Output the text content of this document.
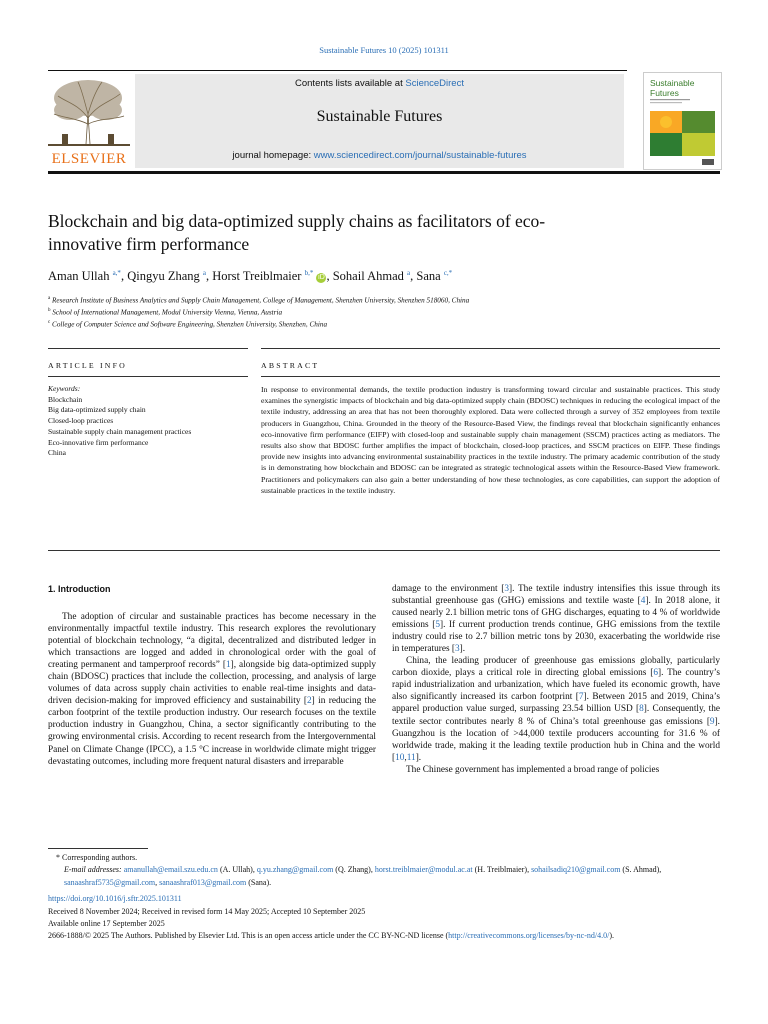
Sustainable Futures 10 (2025) 101311
ELSEVIER
Contents lists available at ScienceDirect
Sustainable Futures
journal homepage: www.sciencedirect.com/journal/sustainable-futures
Sustainable
Futures
Blockchain and big data-optimized supply chains as facilitators of eco-innovative firm performance
Aman Ullah $^{a,*}$, Qingyu Zhang $^a$, Horst Treiblmaier $^{b,*}$ iD , Sohail Ahmad $^a$, Sana $^{c,*}$
$^a$ Research Institute of Business Analytics and Supply Chain Management, College of Management, Shenzhen University, Shenzhen 518060, China
$^b$ School of International Management, Modul University Vienna, Vienna, Austria
$^c$ College of Computer Science and Software Engineering, Shenzhen University, Shenzhen, China
ARTICLE INFO	ABSTRACT
Keywords:
Blockchain
Big data-optimized supply chain
Closed-loop practices
Sustainable supply chain management practices
Eco-innovative firm performance
China
In response to environmental demands, the textile production industry is transforming toward circular and sustainable practices. This study examines the synergistic impacts of blockchain and big data-optimized supply chain (BDOSC) techniques in reducing the ecological impact of the textile industry, addressing an area that has not been thoroughly explored. Data were collected through a survey of 352 employees from textile producers in Guangzhou, China. Grounded in the theory of the Resource-Based View, the findings reveal that blockchain significantly enhances eco-innovative firm performance (EIFP) with closed-loop and sustainable supply chain management (SSCM) practices acting as mediators. The results also show that BDOSC further amplifies the impact of blockchain, closed-loop practices, and SSCM practices on EIFP. These findings provide new insights into advancing environmental sustainability practices in the textile industry. The primary academic contribution of the study is in demonstrating how blockchain and BDOSC can be integrated as strategic technological assets within the Resource-Based View framework. Practitioners and policymakers can also gain a better understanding of how these technologies, as core capabilities, can support the adoption of sustainable practices in the textile industry.
1. Introduction

The adoption of circular and sustainable practices has become necessary in the environmentally impactful textile industry. This research explores the revolutionary potential of blockchain technology, “a digital, decentralized and distributed ledger in which transactions are logged and added in chronological order with the goal of creating permanent and tamperproof records” [1], alongside big data-optimized supply chain (BDOSC) practices that include the collection, processing, and analysis of large volumes of data across supply chain activities to enable real-time insights and data-driven decision-making for improved efficiency and sustainability [2] in reducing the carbon footprint of the textile production industry. Our research focuses on the textile production industry in Guangzhou, China, a sector significantly contributing to the growing environmental crisis. According to recent research from the Intergovernmental Panel on Climate Change (IPCC), a 1.5 °C increase in worldwide climate might trigger devastating outcomes, including more frequent natural disasters and irreparable

damage to the environment [3]. The textile industry intensifies this issue through its substantial greenhouse gas (GHG) emissions and textile waste [4]. In 2018 alone, it caused nearly 2.1 billion metric tons of GHG discharges, equating to 4 % of worldwide emissions [5]. If current production trends continue, GHG emissions from the textile industry could rise to 2.7 billion metric tons by 2030, exacerbating the worldwide rise in temperatures [3].

China, the leading producer of greenhouse gas emissions globally, particularly carbon dioxide, plays a critical role in directing global emissions [6]. The country’s rapid industrialization and urbanization, which have fueled its economic growth, have also significantly increased its carbon footprint [7]. Between 2015 and 2019, China’s apparel production value surged, surpassing 23.54 billion USD [8]. Consequently, the textile sector contributes nearly 8 % of China’s total greenhouse gas emissions [9]. Guangzhou is the location of >44,000 textile producers accounting for 31.6 % of worldwide trade, making it the leading textile production hub in China and the world [10,11].

The Chinese government has implemented a broad range of policies

* Corresponding authors.
E-mail addresses: amanullah@email.szu.edu.cn (A. Ullah), q.yu.zhang@gmail.com (Q. Zhang), horst.treiblmaier@modul.ac.at (H. Treiblmaier), sohailsadiq210@gmail.com (S. Ahmad), sanaashraf5735@gmail.com, sanaashraf013@gmail.com (Sana).
https://doi.org/10.1016/j.sftr.2025.101311
Received 8 November 2024; Received in revised form 14 May 2025; Accepted 10 September 2025
Available online 17 September 2025
2666-1888/© 2025 The Authors. Published by Elsevier Ltd. This is an open access article under the CC BY-NC-ND license (http://creativecommons.org/licenses/by-nc-nd/4.0/).
